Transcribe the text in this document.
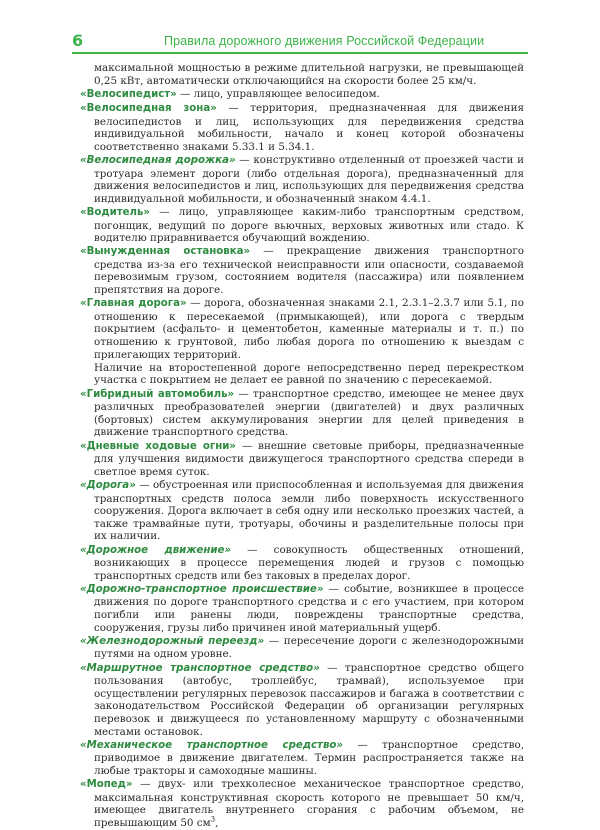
6	Правила дорожного движения Российской Федерации

максимальной мощностью в режиме длительной нагрузки, не превышающей 0,25 кВт, автоматически отключающийся на скорости более 25 км/ч.

«Велосипедист» — лицо, управляющее велосипедом.

«Велосипедная зона» — территория, предназначенная для движения велосипедистов и лиц, использующих для передвижения средства индивидуальной мобильности, начало и конец которой обозначены соответственно знаками 5.33.1 и 5.34.1.

«Велосипедная дорожка» — конструктивно отделенный от проезжей части и тротуара элемент дороги (либо отдельная дорога), предназначенный для движения велосипедистов и лиц, использующих для передвижения средства индивидуальной мобильности, и обозначенный знаком 4.4.1.

«Водитель» — лицо, управляющее каким-либо транспортным средством, погонщик, ведущий по дороге вьючных, верховых животных или стадо. К водителю приравнивается обучающий вождению.

«Вынужденная остановка» — прекращение движения транспортного средства из-за его технической неисправности или опасности, создаваемой перевозимым грузом, состоянием водителя (пассажира) или появлением препятствия на дороге.

«Главная дорога» — дорога, обозначенная знаками 2.1, 2.3.1–2.3.7 или 5.1, по отношению к пересекаемой (примыкающей), или дорога с твердым покрытием (асфальто- и цементобетон, каменные материалы и т. п.) по отношению к грунтовой, либо любая дорога по отношению к выездам с прилегающих территорий.

Наличие на второстепенной дороге непосредственно перед перекрестком участка с покрытием не делает ее равной по значению с пересекаемой.

«Гибридный автомобиль» — транспортное средство, имеющее не менее двух различных преобразователей энергии (двигателей) и двух различных (бортовых) систем аккумулирования энергии для целей приведения в движение транспортного средства.

«Дневные ходовые огни» — внешние световые приборы, предназначенные для улучшения видимости движущегося транспортного средства спереди в светлое время суток.

«Дорога» — обустроенная или приспособленная и используемая для движения транспортных средств полоса земли либо поверхность искусственного сооружения. Дорога включает в себя одну или несколько проезжих частей, а также трамвайные пути, тротуары, обочины и разделительные полосы при их наличии.

«Дорожное движение» — совокупность общественных отношений, возникающих в процессе перемещения людей и грузов с помощью транспортных средств или без таковых в пределах дорог.

«Дорожно-транспортное происшествие» — событие, возникшее в процессе движения по дороге транспортного средства и с его участием, при котором погибли или ранены люди, повреждены транспортные средства, сооружения, грузы либо причинен иной материальный ущерб.

«Железнодорожный переезд» — пересечение дороги с железнодорожными путями на одном уровне.

«Маршрутное транспортное средство» — транспортное средство общего пользования (автобус, троллейбус, трамвай), используемое при осуществлении регулярных перевозок пассажиров и багажа в соответствии с законодательством Российской Федерации об организации регулярных перевозок и движущееся по установленному маршруту с обозначенными местами остановок.

«Механическое транспортное средство» — транспортное средство, приводимое в движение двигателем. Термин распространяется также на любые тракторы и самоходные машины.

«Мопед» — двух- или трехколесное механическое транспортное средство, максимальная конструктивная скорость которого не превышает 50 км/ч, имеющее двигатель внутреннего сгорания с рабочим объемом, не превышающим 50 $см^3$,
